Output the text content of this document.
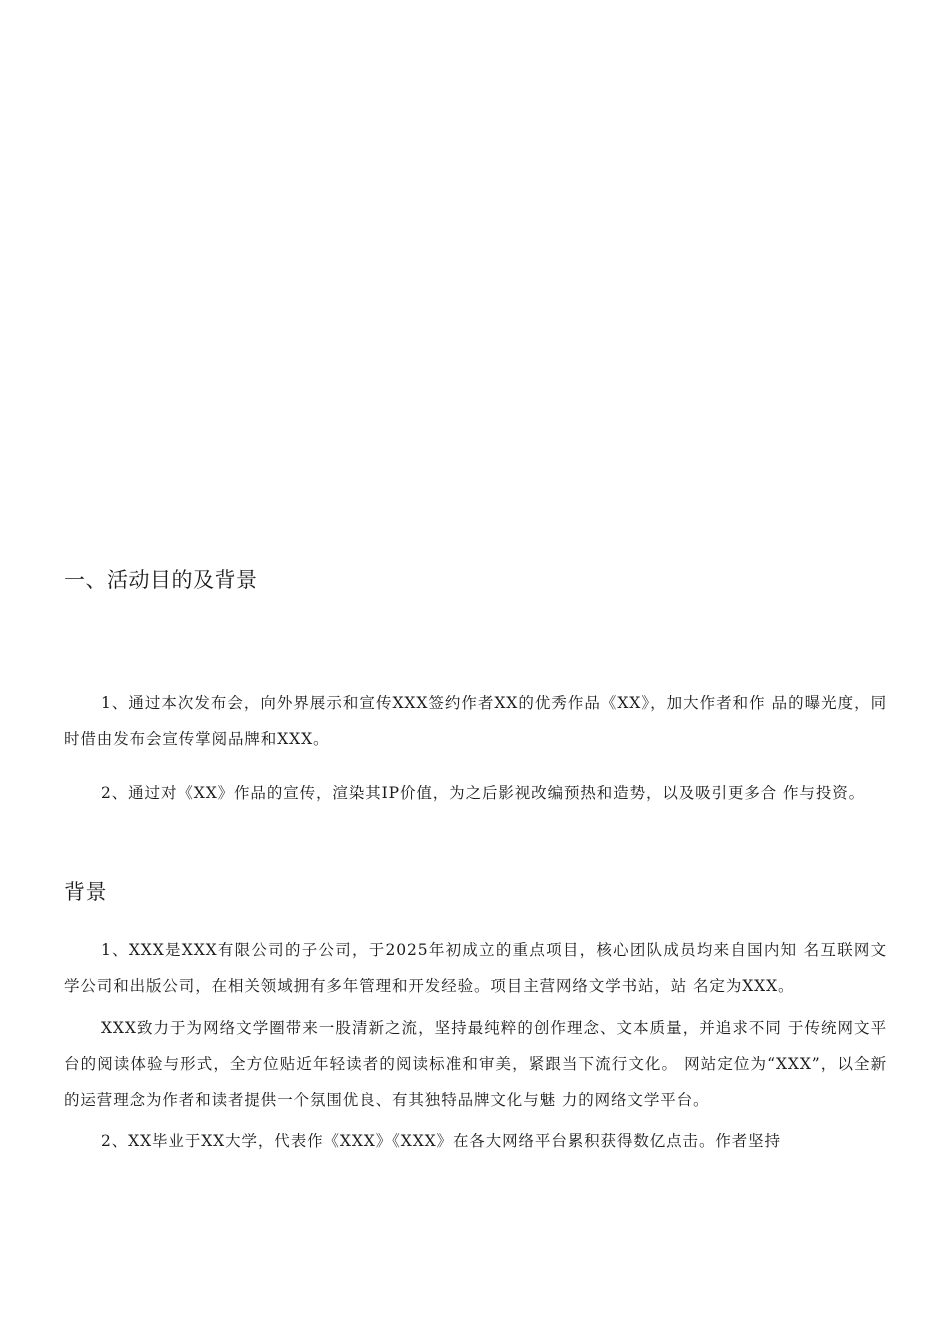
一、活动目的及背景

1、通过本次发布会，向外界展示和宣传XXX签约作者XX的优秀作品《XX》，加大作者和作 品的曝光度，同时借由发布会宣传掌阅品牌和XXX。

2、通过对《XX》作品的宣传，渲染其IP价值，为之后影视改编预热和造势，以及吸引更多合 作与投资。

背景

1、XXX是XXX有限公司的子公司，于2025年初成立的重点项目，核心团队成员均来自国内知 名互联网文学公司和出版公司，在相关领域拥有多年管理和开发经验。项目主营网络文学书站，站 名定为XXX。

XXX致力于为网络文学圈带来一股清新之流，坚持最纯粹的创作理念、文本质量，并追求不同 于传统网文平台的阅读体验与形式，全方位贴近年轻读者的阅读标准和审美，紧跟当下流行文化。 网站定位为“XXX”，以全新的运营理念为作者和读者提供一个氛围优良、有其独特品牌文化与魅 力的网络文学平台。

2、XX毕业于XX大学，代表作《XXX》《XXX》在各大网络平台累积获得数亿点击。作者坚持
